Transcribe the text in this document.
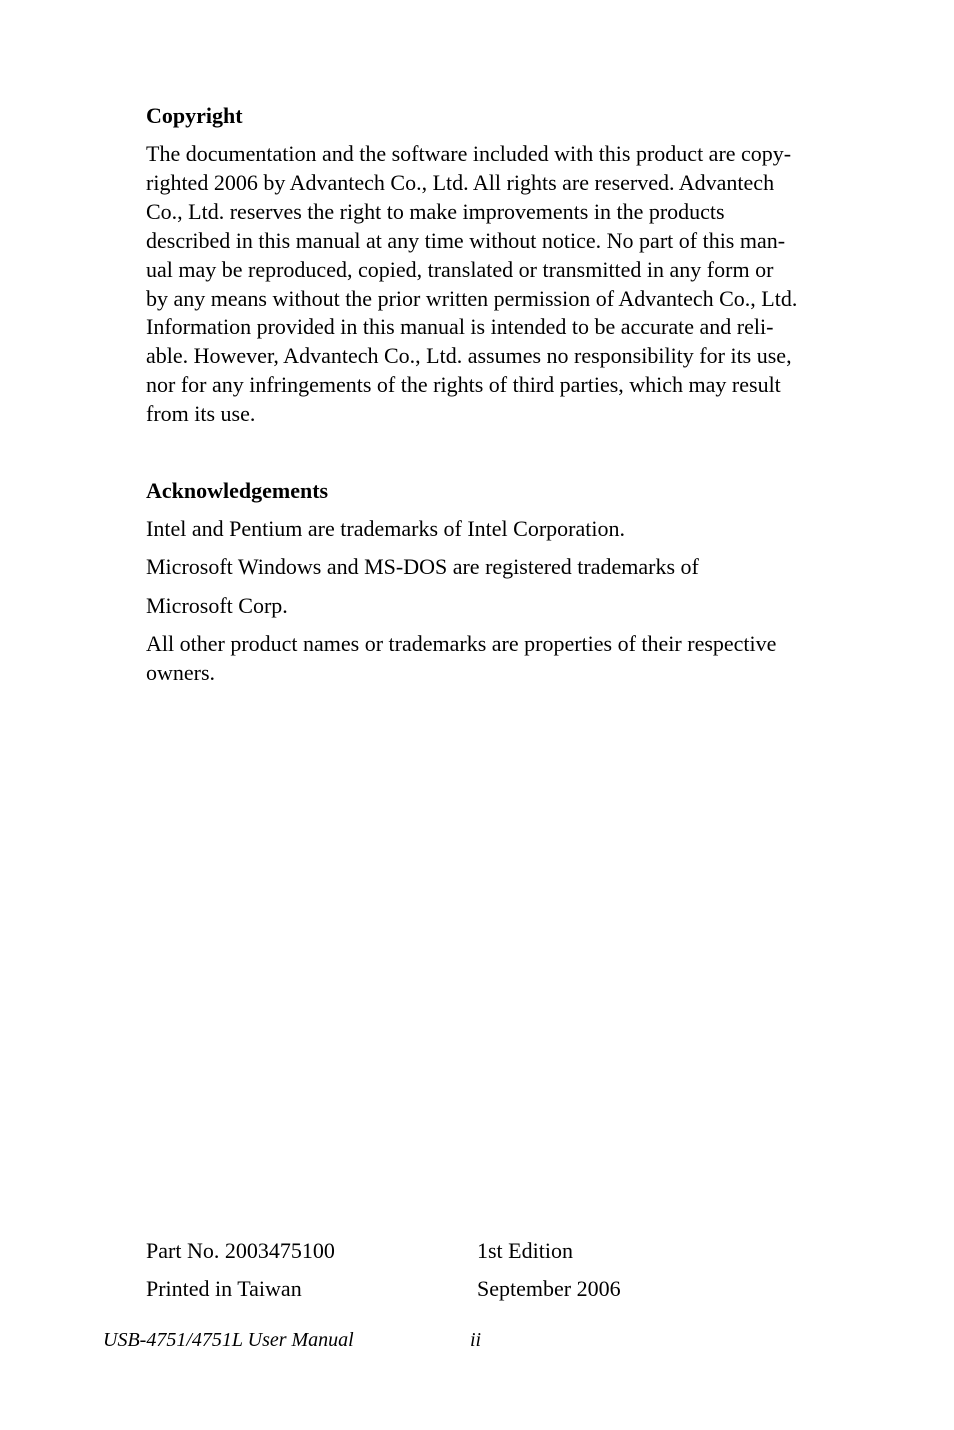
Copyright

The documentation and the software included with this product are copy-
righted 2006 by Advantech Co., Ltd. All rights are reserved. Advantech
Co., Ltd. reserves the right to make improvements in the products
described in this manual at any time without notice. No part of this man-
ual may be reproduced, copied, translated or transmitted in any form or
by any means without the prior written permission of Advantech Co., Ltd.
Information provided in this manual is intended to be accurate and reli-
able. However, Advantech Co., Ltd. assumes no responsibility for its use,
nor for any infringements of the rights of third parties, which may result
from its use.

Acknowledgements

Intel and Pentium are trademarks of Intel Corporation.

Microsoft Windows and MS-DOS are registered trademarks of

Microsoft Corp.

All other product names or trademarks are properties of their respective
owners.

Part No. 2003475100	1st Edition
Printed in Taiwan	September 2006
USB-4751/4751L User Manual	ii
